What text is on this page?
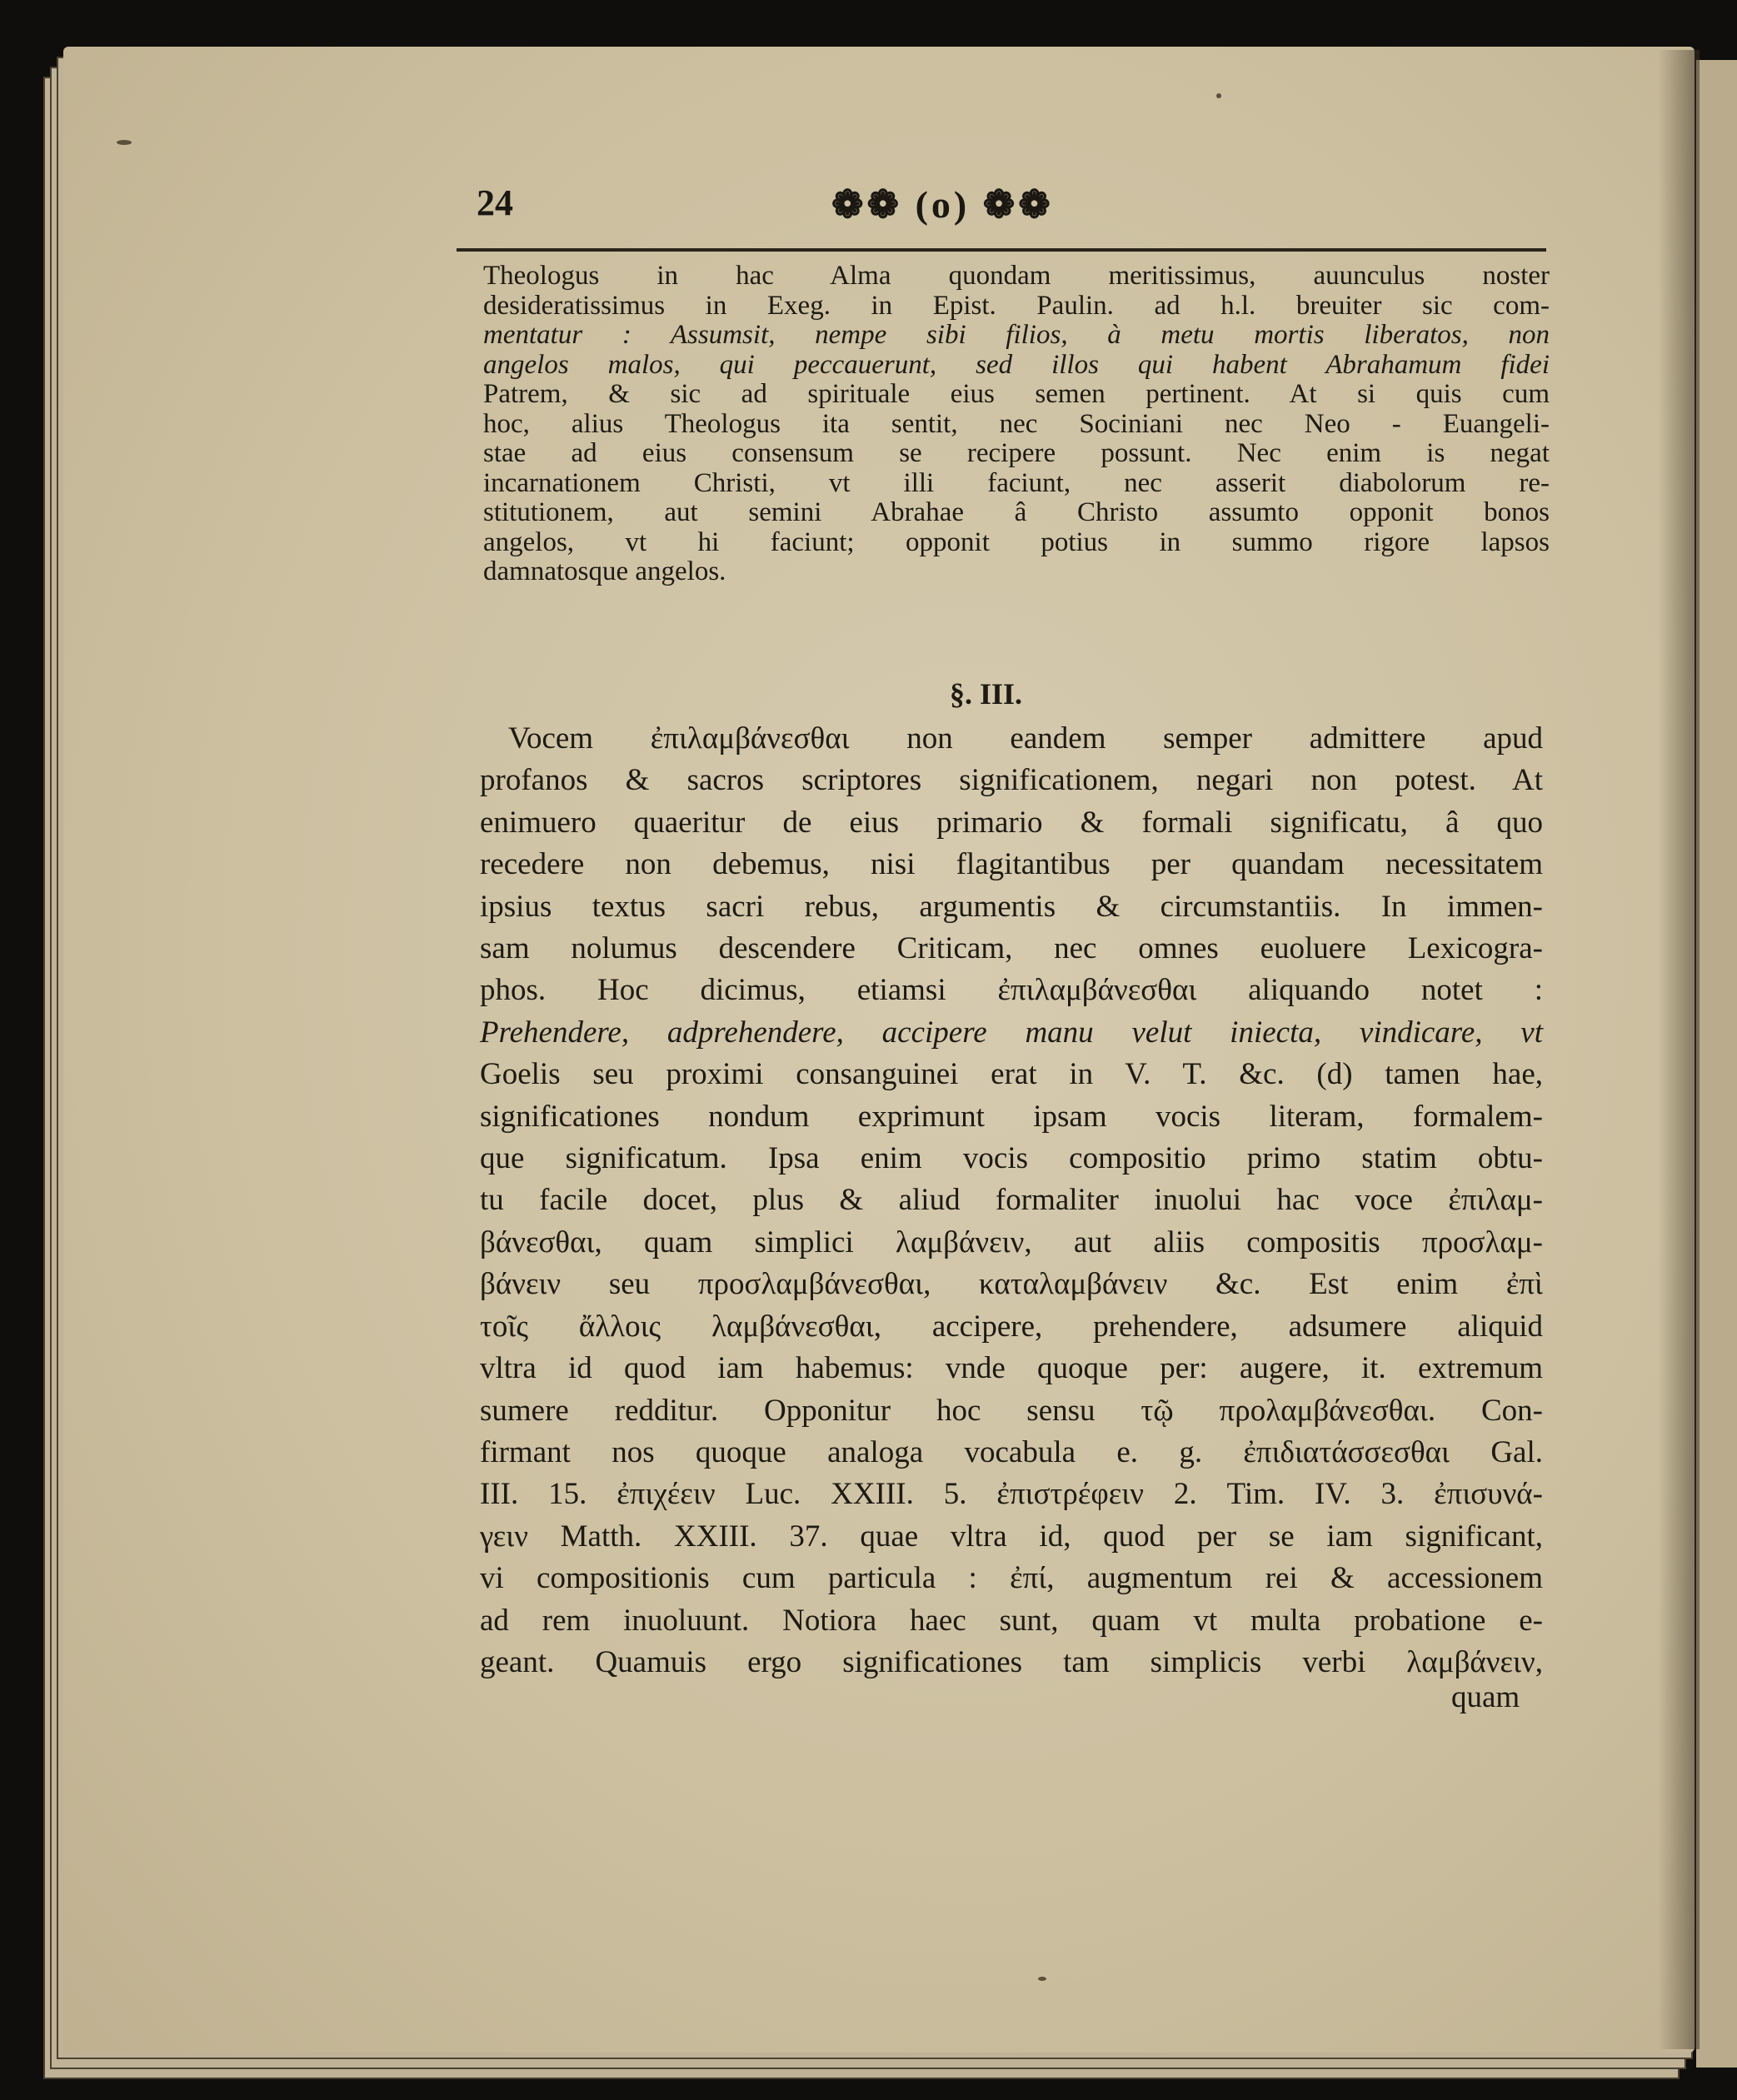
24	❁❁ (o) ❁❁
Theologus in hac Alma quondam meritissimus, auunculus noster
desideratissimus in Exeg. in Epist. Paulin. ad h.l. breuiter sic com-
mentatur : Assumsit, nempe sibi filios, à metu mortis liberatos, non
angelos malos, qui peccauerunt, sed illos qui habent Abrahamum fidei
Patrem, & sic ad spirituale eius semen pertinent. At si quis cum
hoc, alius Theologus ita sentit, nec Sociniani nec Neo - Euangeli-
stae ad eius consensum se recipere possunt. Nec enim is negat
incarnationem Christi, vt illi faciunt, nec asserit diabolorum re-
stitutionem, aut semini Abrahae â Christo assumto opponit bonos
angelos, vt hi faciunt; opponit potius in summo rigore lapsos
damnatosque angelos.
§. III.
Vocem ἐπιλαμβάνεσθαι non eandem semper admittere apud
profanos & sacros scriptores significationem, negari non potest. At
enimuero quaeritur de eius primario & formali significatu, â quo
recedere non debemus, nisi flagitantibus per quandam necessitatem
ipsius textus sacri rebus, argumentis & circumstantiis. In immen-
sam nolumus descendere Criticam, nec omnes euoluere Lexicogra-
phos. Hoc dicimus, etiamsi ἐπιλαμβάνεσθαι aliquando notet :
Prehendere, adprehendere, accipere manu velut iniecta, vindicare, vt
Goelis seu proximi consanguinei erat in V. T. &c. (d) tamen hae,
significationes nondum exprimunt ipsam vocis literam, formalem-
que significatum. Ipsa enim vocis compositio primo statim obtu-
tu facile docet, plus & aliud formaliter inuolui hac voce ἐπιλαμ-
βάνεσθαι, quam simplici λαμβάνειν, aut aliis compositis προσλαμ-
βάνειν seu προσλαμβάνεσθαι, καταλαμβάνειν &c. Est enim ἐπὶ
τοῖς ἄλλοις λαμβάνεσθαι, accipere, prehendere, adsumere aliquid
vltra id quod iam habemus: vnde quoque per: augere, it. extremum
sumere redditur. Opponitur hoc sensu τῷ προλαμβάνεσθαι. Con-
firmant nos quoque analoga vocabula e. g. ἐπιδιατάσσεσθαι Gal.
III. 15. ἐπιχέειν Luc. XXIII. 5. ἐπιστρέφειν 2. Tim. IV. 3. ἐπισυνά-
γειν Matth. XXIII. 37. quae vltra id, quod per se iam significant,
vi compositionis cum particula : ἐπί, augmentum rei & accessionem
ad rem inuoluunt. Notiora haec sunt, quam vt multa probatione e-
geant. Quamuis ergo significationes tam simplicis verbi λαμβάνειν,
quam
